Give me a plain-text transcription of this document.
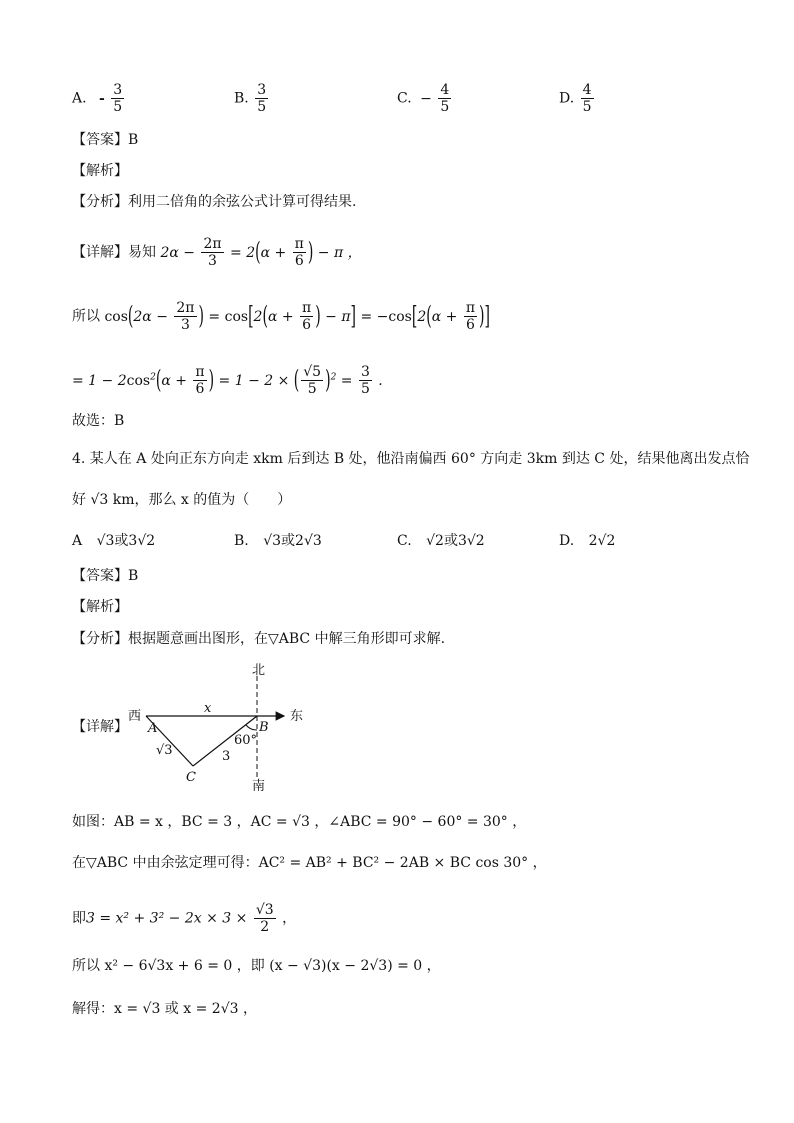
A. - $\frac{3}{5}$	B. $\frac{3}{5}$	C. − $\frac{4}{5}$	D. $\frac{4}{5}$
【答案】B
【解析】
【分析】利用二倍角的余弦公式计算可得结果.
【详解】易知 $2\alpha - \frac{2\pi}{3} = 2(\alpha + \frac{\pi}{6}$ ) − π ，
所以 $\cos(2\alpha - \frac{2\pi}{3}$ ) = $\cos[2(\alpha + \frac{\pi}{6}$ ) − $\pi] = -\cos[2(\alpha + \frac{\pi}{6}$ )]
= $1 - 2\cos^2(\alpha + \frac{\pi}{6}$ ) = 1 − 2 × ( $\frac{√5}{5} )^2 = \frac{3}{5}$ .
故选：B
4. 某人在 A 处向正东方向走 xkm 后到达 B 处，他沿南偏西 60° 方向走 3km 到达 C 处，结果他离出发点恰
好 √3 km，那么 x 的值为（　　）
A √3或3√2	B. √3或2√3	C. √2或3√2	D. 2√2
【答案】B
【解析】
【分析】根据题意画出图形，在▽ABC 中解三角形即可求解.
【详解】
北
南
西	东
A	B
C
x
3
√3
60°
如图：AB = x ，BC = 3 ，AC = √3 ，∠ABC = 90° − 60° = 30° ，
在▽ABC 中由余弦定理可得：AC² = AB² + BC² − 2AB × BC cos 30° ，
即$3 = x^2 + 3^2 - 2x \times 3 \times \frac{√3}{2}$ ，
所以 x² − 6√3x + 6 = 0 ，即 (x − √3)(x − 2√3) = 0 ，
解得：x = √3 或 x = 2√3 ，
